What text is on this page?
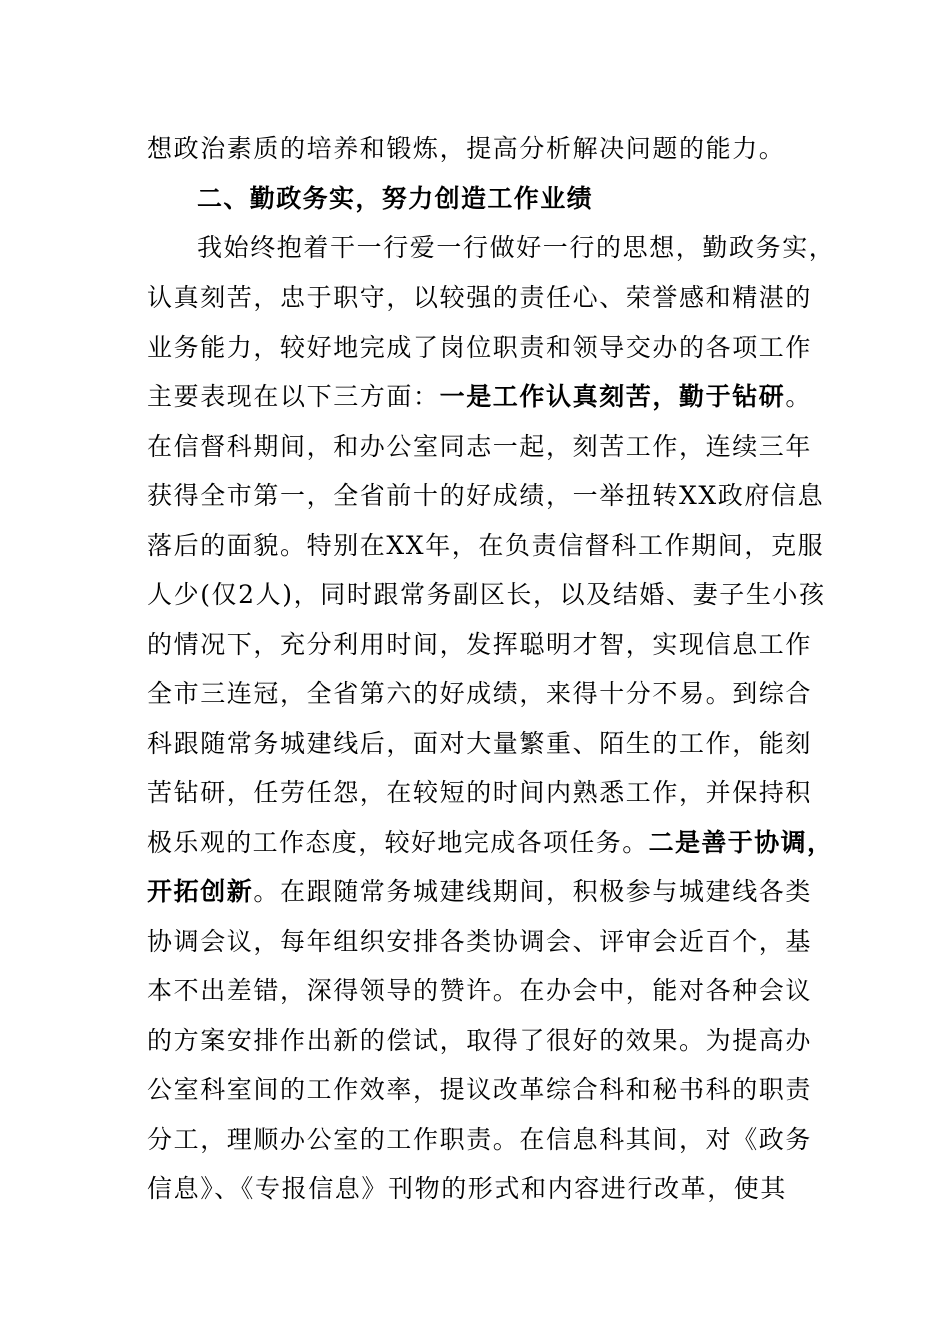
想政治素质的培养和锻炼，提高分析解决问题的能力。
二、勤政务实，努力创造工作业绩
我始终抱着干一行爱一行做好一行的思想，勤政务实，
认真刻苦，忠于职守，以较强的责任心、荣誉感和精湛的
业务能力，较好地完成了岗位职责和领导交办的各项工作
主要表现在以下三方面：一是工作认真刻苦，勤于钻研。
在信督科期间，和办公室同志一起，刻苦工作，连续三年
获得全市第一，全省前十的好成绩，一举扭转XX政府信息
落后的面貌。特别在XX年，在负责信督科工作期间，克服
人少(仅2人)，同时跟常务副区长，以及结婚、妻子生小孩
的情况下，充分利用时间，发挥聪明才智，实现信息工作
全市三连冠，全省第六的好成绩，来得十分不易。到综合
科跟随常务城建线后，面对大量繁重、陌生的工作，能刻
苦钻研，任劳任怨，在较短的时间内熟悉工作，并保持积
极乐观的工作态度，较好地完成各项任务。二是善于协调，
开拓创新。在跟随常务城建线期间，积极参与城建线各类
协调会议，每年组织安排各类协调会、评审会近百个，基
本不出差错，深得领导的赞许。在办会中，能对各种会议
的方案安排作出新的偿试，取得了很好的效果。为提高办
公室科室间的工作效率，提议改革综合科和秘书科的职责
分工，理顺办公室的工作职责。在信息科其间，对《政务
信息》、《专报信息》刊物的形式和内容进行改革，使其
